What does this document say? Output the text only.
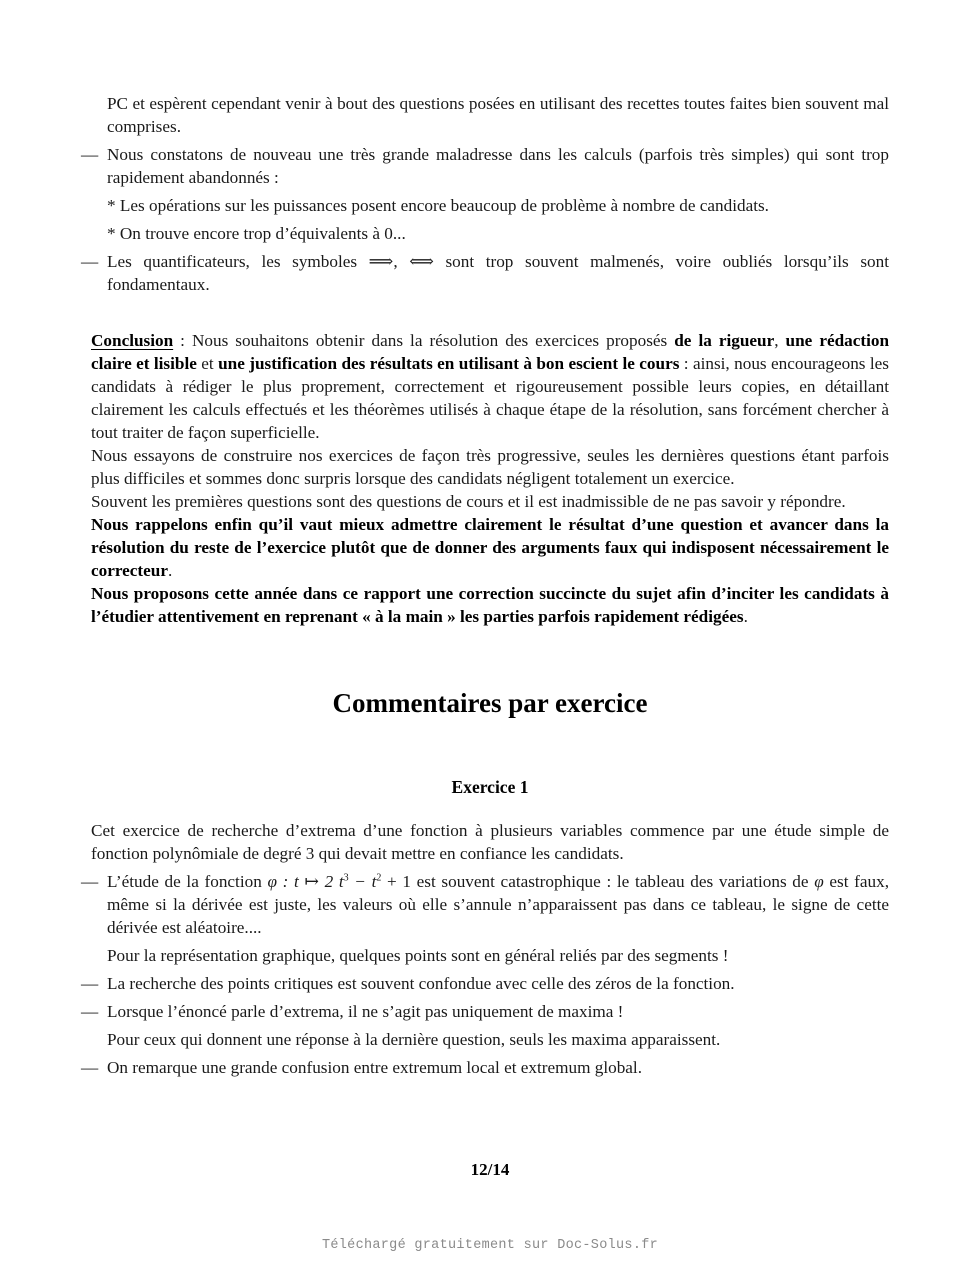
PC et espèrent cependant venir à bout des questions posées en utilisant des recettes toutes faites bien souvent mal comprises.

— Nous constatons de nouveau une très grande maladresse dans les calculs (parfois très simples) qui sont trop rapidement abandonnés :

* Les opérations sur les puissances posent encore beaucoup de problème à nombre de candidats.

* On trouve encore trop d’équivalents à 0...

— Les quantificateurs, les symboles ⟹, ⟺ sont trop souvent malmenés, voire oubliés lorsqu’ils sont fondamentaux.

Conclusion : Nous souhaitons obtenir dans la résolution des exercices proposés de la rigueur, une rédaction claire et lisible et une justification des résultats en utilisant à bon escient le cours : ainsi, nous encourageons les candidats à rédiger le plus proprement, correctement et rigoureusement possible leurs copies, en détaillant clairement les calculs effectués et les théorèmes utilisés à chaque étape de la résolution, sans forcément chercher à tout traiter de façon superficielle.

Nous essayons de construire nos exercices de façon très progressive, seules les dernières questions étant parfois plus difficiles et sommes donc surpris lorsque des candidats négligent totalement un exercice.

Souvent les premières questions sont des questions de cours et il est inadmissible de ne pas savoir y répondre.

Nous rappelons enfin qu’il vaut mieux admettre clairement le résultat d’une question et avancer dans la résolution du reste de l’exercice plutôt que de donner des arguments faux qui indisposent nécessairement le correcteur.

Nous proposons cette année dans ce rapport une correction succincte du sujet afin d’inciter les candidats à l’étudier attentivement en reprenant « à la main » les parties parfois rapidement rédigées.

Commentaires par exercice
Exercice 1

Cet exercice de recherche d’extrema d’une fonction à plusieurs variables commence par une étude simple de fonction polynômiale de degré 3 qui devait mettre en confiance les candidats.

— L’étude de la fonction φ : t ↦ 2 $t^3 - t^2 + 1$ est souvent catastrophique : le tableau des variations de φ est faux, même si la dérivée est juste, les valeurs où elle s’annule n’apparaissent pas dans ce tableau, le signe de cette dérivée est aléatoire....

Pour la représentation graphique, quelques points sont en général reliés par des segments !

— La recherche des points critiques est souvent confondue avec celle des zéros de la fonction.
— Lorsque l’énoncé parle d’extrema, il ne s’agit pas uniquement de maxima !

Pour ceux qui donnent une réponse à la dernière question, seuls les maxima apparaissent.

— On remarque une grande confusion entre extremum local et extremum global.
12/14
Téléchargé gratuitement sur Doc-Solus.fr
